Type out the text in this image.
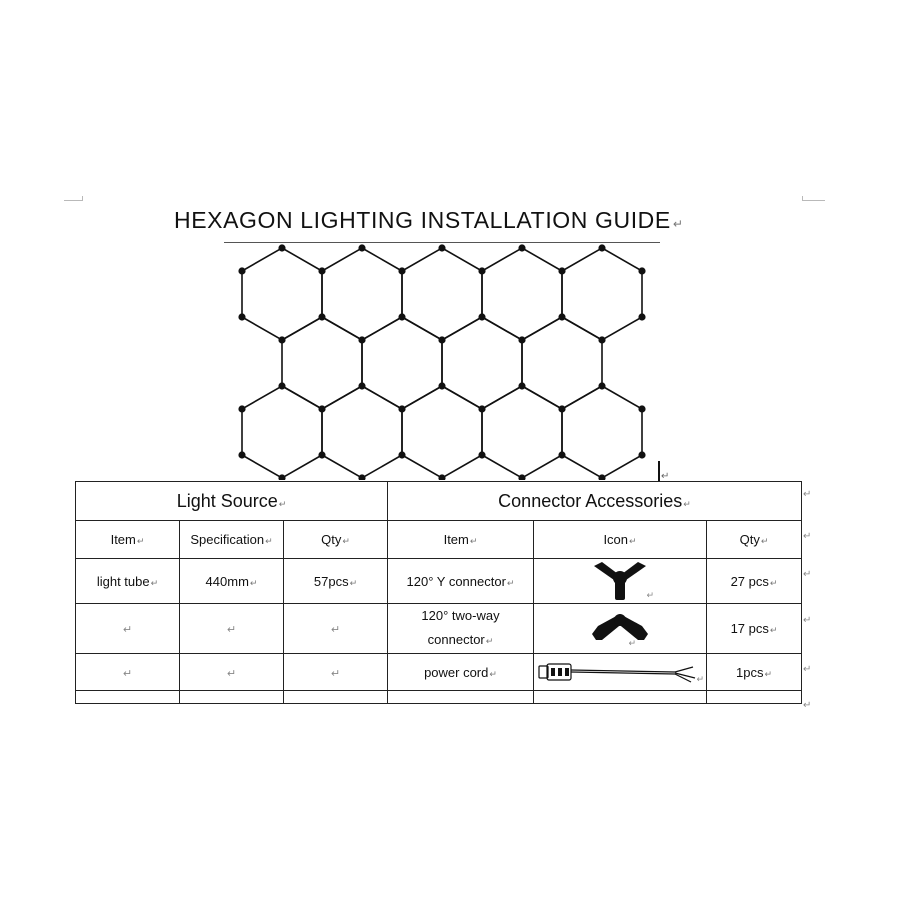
HEXAGON LIGHTING INSTALLATION GUIDE ↵
↵
Light Source↵			Connector Accessories↵		
Item↵	Specification↵	Qty↵	Item↵	Icon↵	Qty↵
light tube↵	440mm↵	57pcs↵	120° Y connector↵	↵	27 pcs↵
↵	↵	↵	120° two-way connector↵	↵	17 pcs↵
↵	↵	↵	power cord↵	↵	1pcs↵

↵
↵
↵
↵
↵
↵
